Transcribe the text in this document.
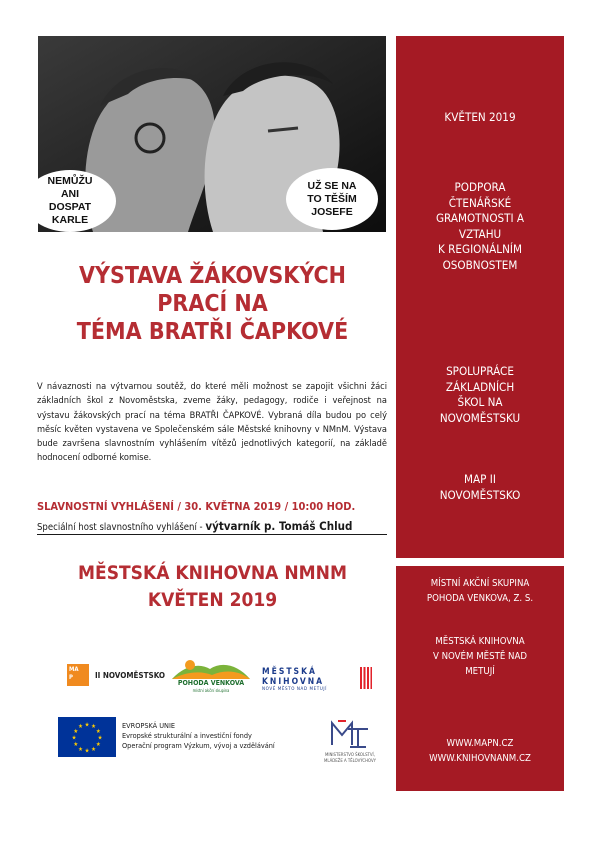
NEMŮŽU ANI
DOSPAT
KARLE
UŽ SE NA
TO TĚŠÍM
JOSEFE
VÝSTAVA ŽÁKOVSKÝCH
PRACÍ NA
TÉMA BRATŘI ČAPKOVÉ
V návaznosti na výtvarnou soutěž, do které měli možnost se zapojit všichni žáci základních škol z Novoměstska, zveme žáky, pedagogy, rodiče i veřejnost na výstavu žákovských prací na téma BRATŘI ČAPKOVÉ. Vybraná díla budou po celý měsíc květen vystavena ve Společenském sále Městské knihovny v NMnM. Výstava bude završena slavnostním vyhlášením vítězů jednotlivých kategorií, na základě hodnocení odborné komise.
SLAVNOSTNÍ VYHLÁŠENÍ / 30. KVĚTNA 2019 / 10:00 HOD.
Speciální host slavnostního vyhlášení - výtvarník p. Tomáš Chlud
MĚSTSKÁ KNIHOVNA NMNM
KVĚTEN 2019
KVĚTEN 2019
PODPORA
ČTENÁŘSKÉ
GRAMOTNOSTI A
VZTAHU
K REGIONÁLNÍM
OSOBNOSTEM
SPOLUPRÁCE
ZÁKLADNÍCH
ŠKOL NA
NOVOMĚSTSKU
MAP II
NOVOMĚSTSKO
MÍSTNÍ AKČNÍ SKUPINA
POHODA VENKOVA, Z. S.
MĚSTSKÁ KNIHOVNA
V NOVÉM MĚSTĚ NAD
METUJÍ
WWW.MAPN.CZ
WWW.KNIHOVNANM.CZ
MA
P	II NOVOMĚSTSKO
POHODA VENKOVA
místní akční skupina
MĚSTSKÁ
KNIHOVNA
NOVÉ MĚSTO NAD METUJÍ
★
★
★
★
★
★
★
★
★ ★ ★
★
EVROPSKÁ UNIE
Evropské strukturální a investiční fondy
Operační program Výzkum, vývoj a vzdělávání
MINISTERSTVO ŠKOLSTVÍ,
MLÁDEŽE A TĚLOVÝCHOVY
